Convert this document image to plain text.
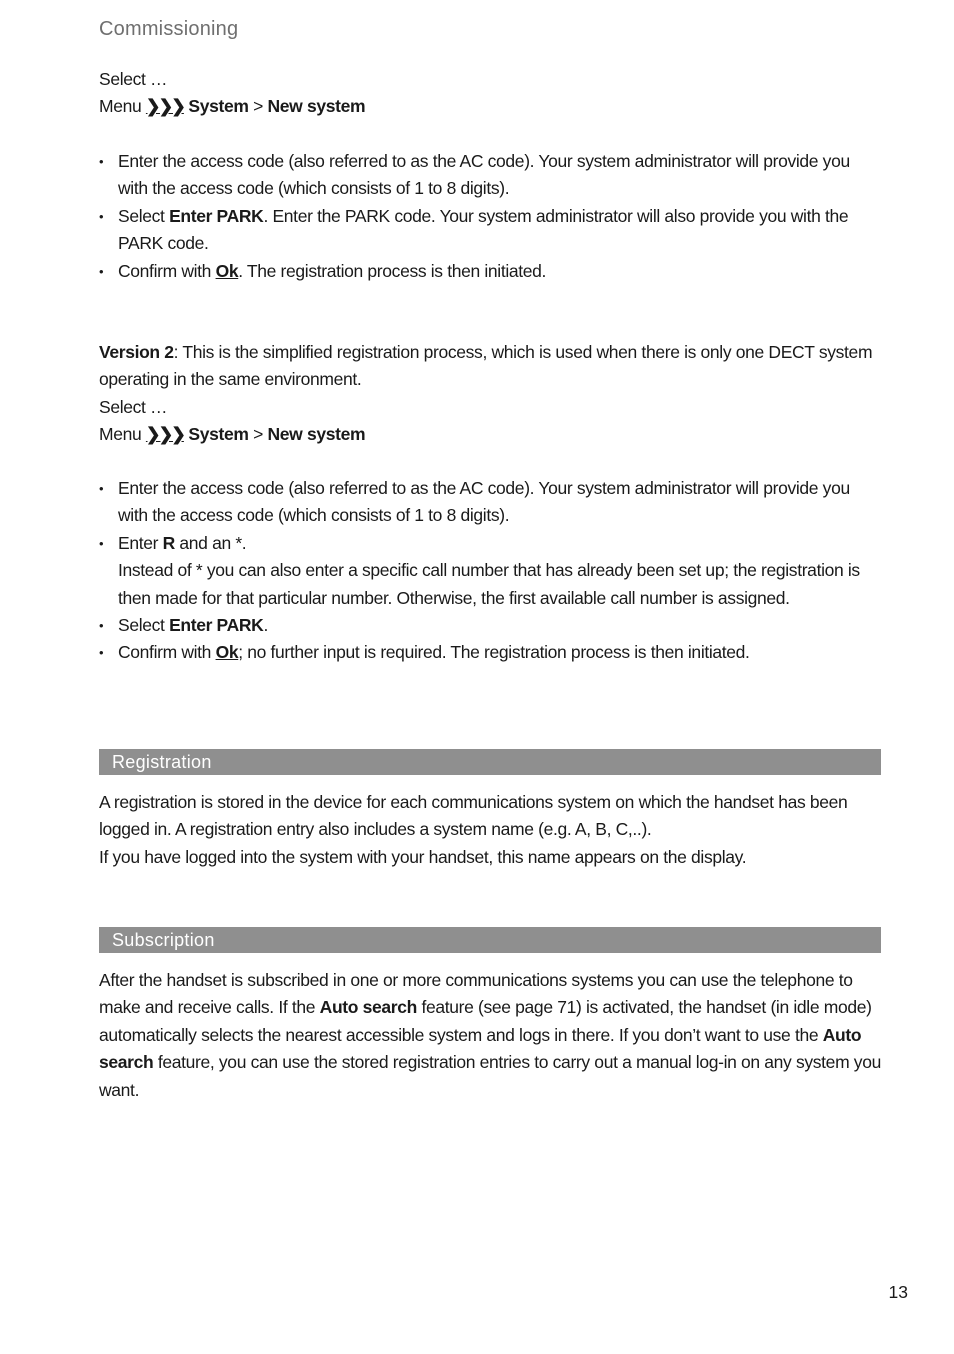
Commissioning

Select …

Menu ❯❯❯ System > New system

• Enter the access code (also referred to as the AC code). Your system administrator will provide you with the access code (which consists of 1 to 8 digits).
• Select Enter PARK. Enter the PARK code. Your system administrator will also provide you with the PARK code.
• Confirm with Ok. The registration process is then initiated.

Version 2: This is the simplified registration process, which is used when there is only one DECT system operating in the same environment.

Select …

Menu ❯❯❯ System > New system

• Enter the access code (also referred to as the AC code). Your system administrator will provide you with the access code (which consists of 1 to 8 digits).
• Enter R and an *.
Instead of * you can also enter a specific call number that has already been set up; the registration is then made for that particular number. Otherwise, the first available call number is assigned.
• Select Enter PARK.
• Confirm with Ok; no further input is required. The registration process is then initiated.
Registration

A registration is stored in the device for each communications system on which the handset has been logged in. A registration entry also includes a system name (e.g. A, B, C,..).

If you have logged into the system with your handset, this name appears on the display.

Subscription

After the handset is subscribed in one or more communications systems you can use the telephone to make and receive calls. If the Auto search feature (see page 71) is activated, the handset (in idle mode) automatically selects the nearest accessible system and logs in there. If you don’t want to use the Auto search feature, you can use the stored registration entries to carry out a manual log-in on any system you want.

13
